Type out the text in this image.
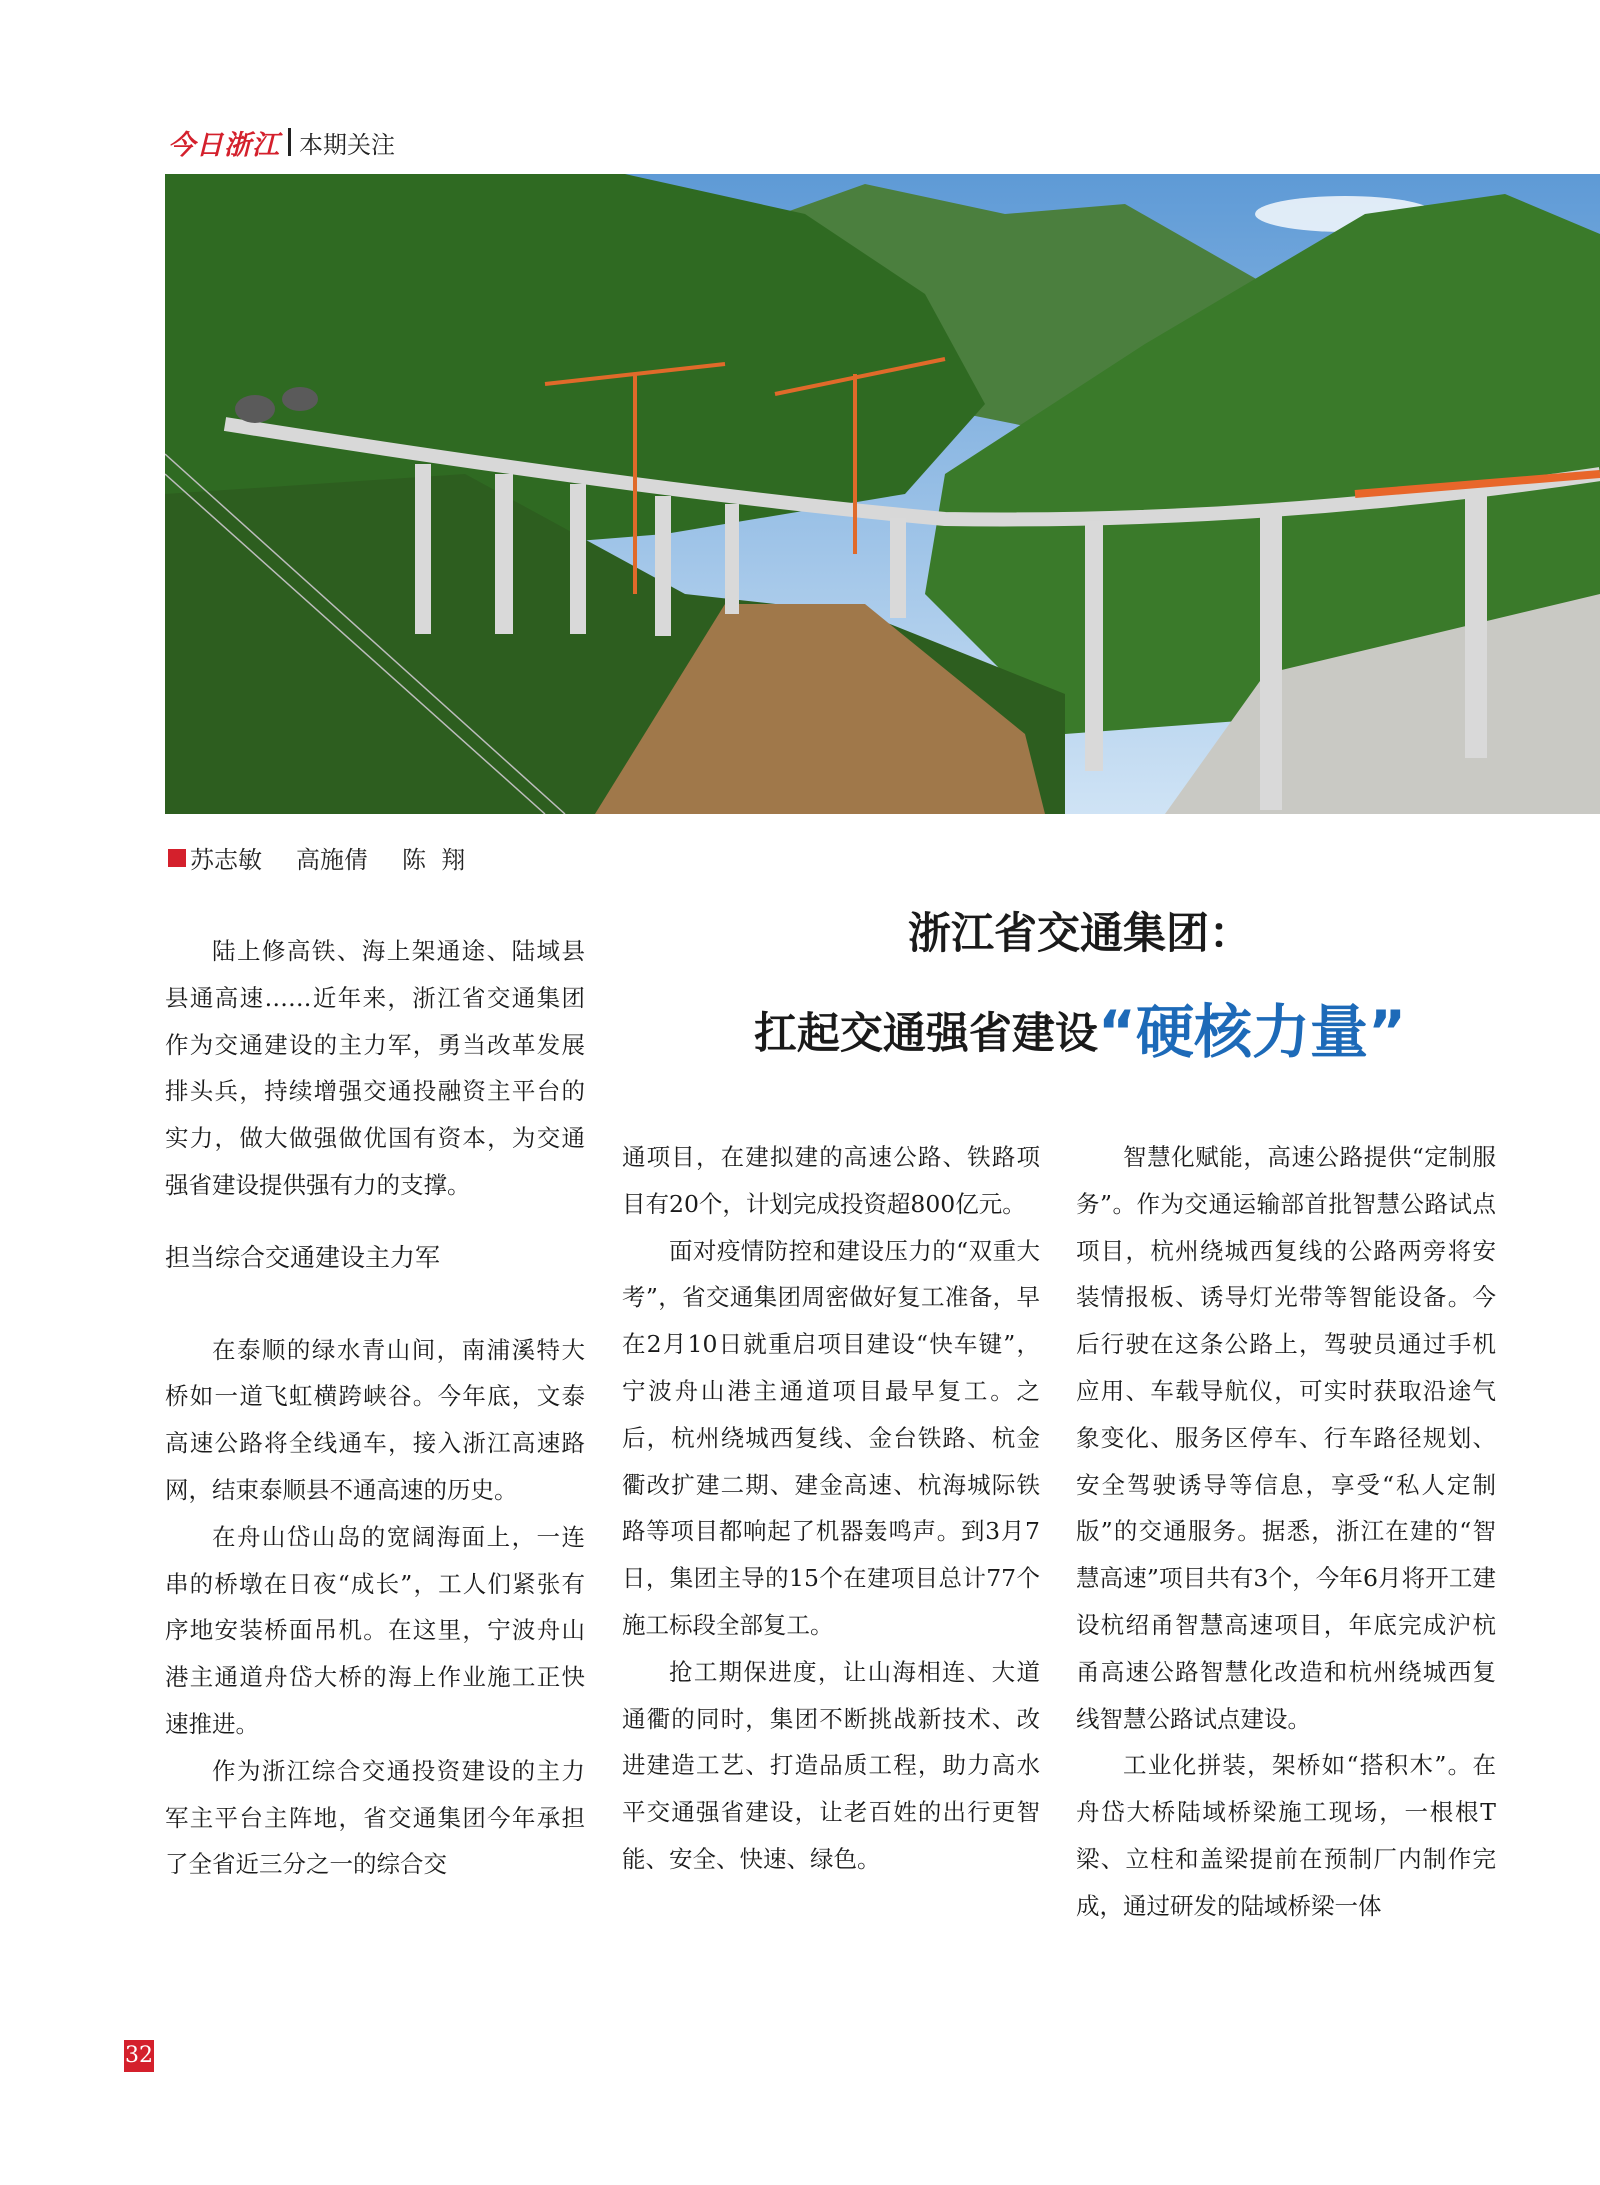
今日浙江 本期关注
苏志敏 高施倩 陈  翔
浙江省交通集团：
扛起交通强省建设“硬核力量”

陆上修高铁、海上架通途、陆域县县通高速……近年来，浙江省交通集团作为交通建设的主力军，勇当改革发展排头兵，持续增强交通投融资主平台的实力，做大做强做优国有资本，为交通强省建设提供强有力的支撑。

担当综合交通建设主力军

在泰顺的绿水青山间，南浦溪特大桥如一道飞虹横跨峡谷。今年底，文泰高速公路将全线通车，接入浙江高速路网，结束泰顺县不通高速的历史。

在舟山岱山岛的宽阔海面上，一连串的桥墩在日夜“成长”，工人们紧张有序地安装桥面吊机。在这里，宁波舟山港主通道舟岱大桥的海上作业施工正快速推进。

作为浙江综合交通投资建设的主力军主平台主阵地，省交通集团今年承担了全省近三分之一的综合交

通项目，在建拟建的高速公路、铁路项目有20个，计划完成投资超800亿元。

面对疫情防控和建设压力的“双重大考”，省交通集团周密做好复工准备，早在2月10日就重启项目建设“快车键”，宁波舟山港主通道项目最早复工。之后，杭州绕城西复线、金台铁路、杭金衢改扩建二期、建金高速、杭海城际铁路等项目都响起了机器轰鸣声。到3月7日，集团主导的15个在建项目总计77个施工标段全部复工。

抢工期保进度，让山海相连、大道通衢的同时，集团不断挑战新技术、改进建造工艺、打造品质工程，助力高水平交通强省建设，让老百姓的出行更智能、安全、快速、绿色。

智慧化赋能，高速公路提供“定制服务”。作为交通运输部首批智慧公路试点项目，杭州绕城西复线的公路两旁将安装情报板、诱导灯光带等智能设备。今后行驶在这条公路上，驾驶员通过手机应用、车载导航仪，可实时获取沿途气象变化、服务区停车、行车路径规划、安全驾驶诱导等信息，享受“私人定制版”的交通服务。据悉，浙江在建的“智慧高速”项目共有3个，今年6月将开工建设杭绍甬智慧高速项目，年底完成沪杭甬高速公路智慧化改造和杭州绕城西复线智慧公路试点建设。

工业化拼装，架桥如“搭积木”。在舟岱大桥陆域桥梁施工现场，一根根T梁、立柱和盖梁提前在预制厂内制作完成，通过研发的陆域桥梁一体

32
